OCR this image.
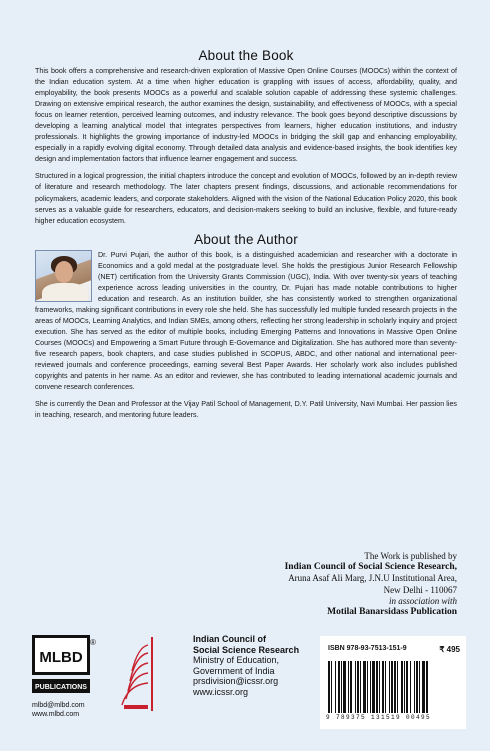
About the Book

This book offers a comprehensive and research-driven exploration of Massive Open Online Courses (MOOCs) within the context of the Indian education system. At a time when higher education is grappling with issues of access, affordability, quality, and employability, the book presents MOOCs as a powerful and scalable solution capable of addressing these systemic challenges. Drawing on extensive empirical research, the author examines the design, sustainability, and effectiveness of MOOCs, with a special focus on learner retention, perceived learning outcomes, and industry relevance. The book goes beyond descriptive discussions by developing a learning analytical model that integrates perspectives from learners, higher education institutions, and industry professionals. It highlights the growing importance of industry-led MOOCs in bridging the skill gap and enhancing employability, especially in a rapidly evolving digital economy. Through detailed data analysis and evidence-based insights, the book identifies key design and implementation factors that influence learner engagement and success.

Structured in a logical progression, the initial chapters introduce the concept and evolution of MOOCs, followed by an in-depth review of literature and research methodology. The later chapters present findings, discussions, and actionable recommendations for policymakers, academic leaders, and corporate stakeholders. Aligned with the vision of the National Education Policy 2020, this book serves as a valuable guide for researchers, educators, and decision-makers seeking to build an inclusive, flexible, and future-ready higher education ecosystem.

About the Author

Dr. Purvi Pujari, the author of this book, is a distinguished academician and researcher with a doctorate in Economics and a gold medal at the postgraduate level. She holds the prestigious Junior Research Fellowship (NET) certification from the University Grants Commission (UGC), India. With over twenty-six years of teaching experience across leading universities in the country, Dr. Pujari has made notable contributions to higher education and research. As an institution builder, she has consistently worked to strengthen organizational frameworks, making significant contributions in every role she held. She has successfully led multiple funded research projects in the areas of MOOCs, Learning Analytics, and Indian SMEs, among others, reflecting her strong leadership in scholarly inquiry and project execution. She has served as the editor of multiple books, including Emerging Patterns and Innovations in Massive Open Online Courses (MOOCs) and Empowering a Smart Future through E-Governance and Digitalization. She has authored more than seventy-five research papers, book chapters, and case studies published in SCOPUS, ABDC, and other national and international peer-reviewed journals and conference proceedings, earning several Best Paper Awards. Her scholarly work also includes published copyrights and patents in her name. As an editor and reviewer, she has contributed to leading international academic journals and convene research conferences.

She is currently the Dean and Professor at the Vijay Patil School of Management, D.Y. Patil University, Navi Mumbai. Her passion lies in teaching, research, and mentoring future leaders.

The Work is published by
Indian Council of Social Science Research,
Aruna Asaf Ali Marg, J.N.U Institutional Area,
New Delhi - 110067
in association with
Motilal Banarsidass Publication
MLBD
®
PUBLICATIONS
mlbd@mlbd.com
www.mlbd.com
Indian Council of
Social Science Research
Ministry of Education,
Government of India
prsdivision@icssr.org
www.icssr.org
ISBN 978-93-7513-151-9	₹ 495
9 789375 131519 00495
